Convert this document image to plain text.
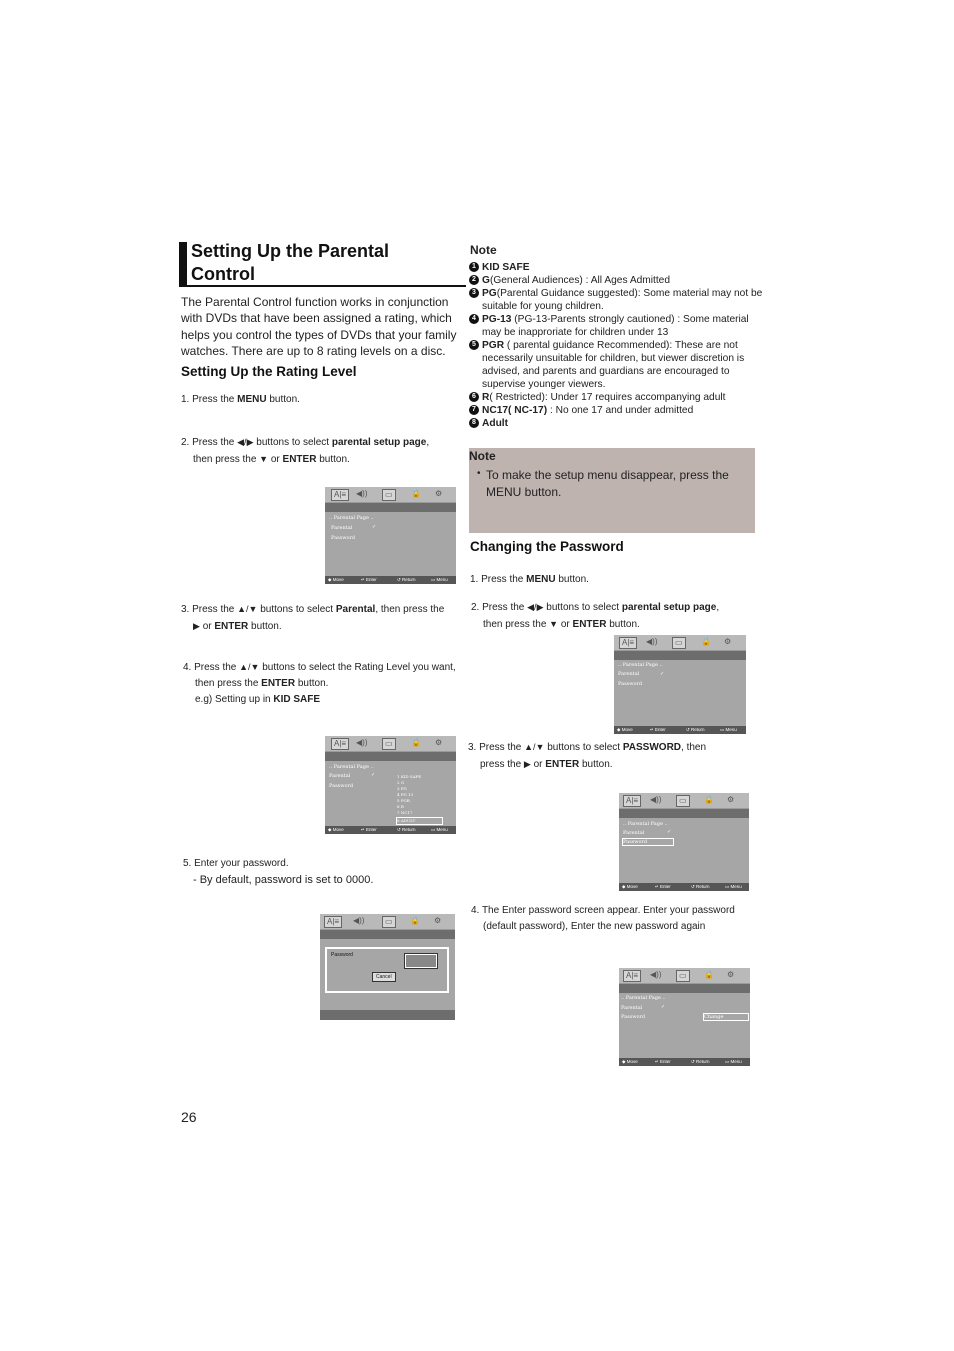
Setting Up the Parental
Control
The Parental Control function works in conjunction with DVDs that have been assigned a rating, which helps you control the types of DVDs that your family watches. There are up to 8 rating levels on a disc.
Setting Up the Rating Level
1. Press the MENU button.
2. Press the ◀/▶ buttons to select parental setup page,
then press the ▼ or ENTER button.
3. Press the ▲/▼ buttons to select Parental, then press the
▶ or ENTER button.
4. Press the ▲/▼ buttons to select the Rating Level you want,
then press the ENTER button.
e.g) Setting up in KID SAFE
5. Enter your password.
- By default, password is set to 0000.
A|≡	◀))	▭	🔒 ⚙
.. Parental Page ..
Parental	✓
Password
◆ Move	↵ Enter	↺ Return	▭ Menu
A|≡	◀))	▭	🔒 ⚙
.. Parental Page ..
Parental	✓
Password
1 KID SAFE
2 G
3 PG
4 PG 13
5 PGR
6 R
7 NC17
8 ADULT
◆ Move	↵ Enter	↺ Return	▭ Menu
A|≡	◀))	▭	🔒 ⚙
Password
Cancel
Note
1 KID SAFE
2 G(General Audiences) : All Ages Admitted
3 PG(Parental Guidance suggested): Some material may not be suitable for young children.
4 PG-13 (PG-13-Parents strongly cautioned) : Some material may be inapproriate for children under 13
5 PGR ( parental guidance Recommended): These are not necessarily unsuitable for children, but viewer discretion is advised, and parents and guardians are encouraged to supervise younger viewers.
6 R( Restricted): Under 17 requires accompanying adult
7 NC17( NC-17) : No one 17 and under admitted
8 Adult
Note
• To make the setup menu disappear, press the MENU button.
Changing the Password
1. Press the MENU button.
2. Press the ◀/▶ buttons to select parental setup page,
then press the ▼ or ENTER button.
3. Press the ▲/▼ buttons to select PASSWORD, then
press the ▶ or ENTER button.
4. The Enter password screen appear. Enter your password
(default password), Enter the new password again
A|≡	◀))	▭	🔒 ⚙
.. Parental Page ..
Parental	✓
Password
◆ Move	↵ Enter	↺ Return	▭ Menu
A|≡	◀))	▭	🔒 ⚙
.. Parental Page ..
Parental	✓
Password
◆ Move	↵ Enter	↺ Return	▭ Menu
A|≡	◀))	▭	🔒 ⚙
.. Parental Page ..
Parental	✓
Password	Change
◆ Move	↵ Enter	↺ Return	▭ Menu
26
